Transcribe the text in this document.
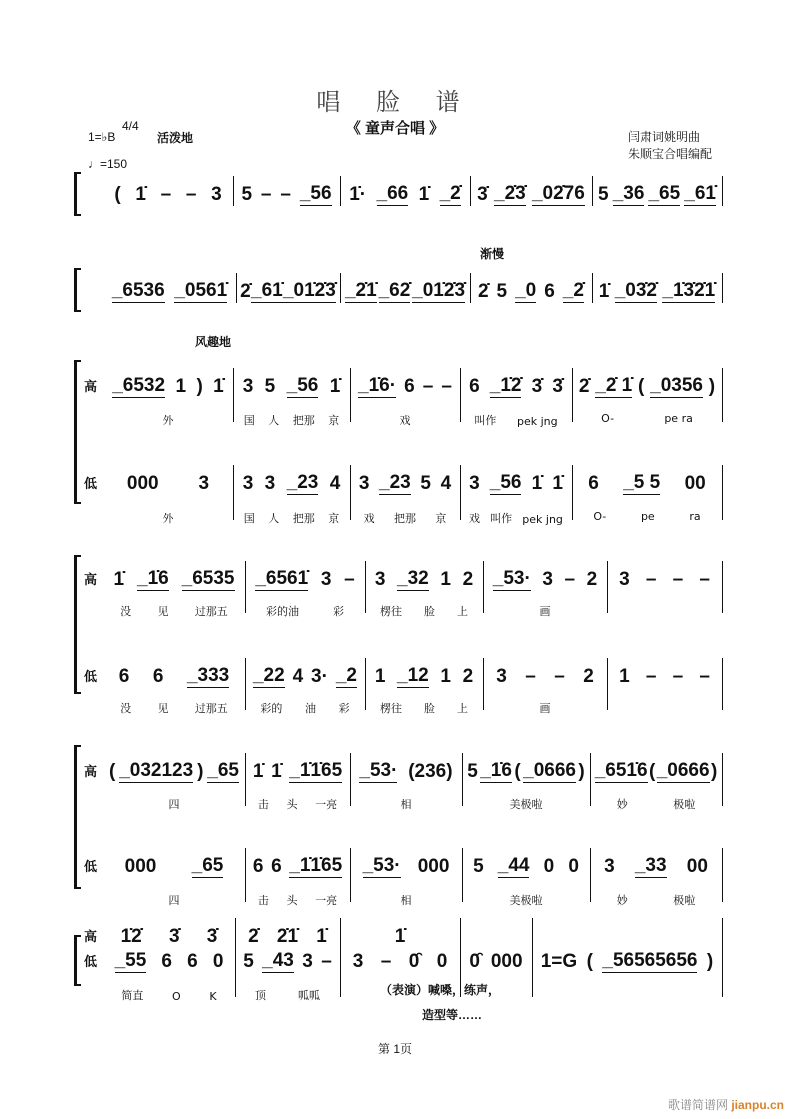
唱 脸 谱
《 童声合唱 》
1=♭B
4/4
♩=150
活泼地	闫肃词姚明曲
朱顺宝合唱编配
( 1̇ – – 3 5 – – _56 1̇· _66 1̇ _2̇ 3̇ _2̇3̇ _02̇76 5 _36 _65 _61̇
渐慢
_6536 _0561̇ 2̇ _61̇ _01̇2̇3̇ _2̇1̇ _62̇ _01̇2̇3̇ 2̇ 5 _0 6 _2̇ 1̇ _03̇2̇ _1̇3̇2̇1̇
风趣地
高 _6532 1 ) 1̇
外
3 5 _56 1̇
国 人 把那 京
_1̇6· 6 – –
戏
6 _1̇2̇ 3̇ 3̇
叫作 pek jng
2̇ _2̇ 1̇ ( _0356 )
O-	pe ra
低 000 3
外
3 3 _23 4
国 人 把那 京
3 _23 5 4
戏 把那 京
3 _56 1̇ 1̇
戏 叫作 pek jng
6 _5 5 00
O-	pe	ra
高 1̇ _1̇6 _6535
没 见 过那五
_6561̇ 3 –
彩的油	彩
3 _32 1 2
楞往 脸 上
_53· 3 – 2
画
3 – – –
低 6 6 _333
没 见 过那五
_22 4 3· _2
彩的 油 彩
1 _12 1 2
楞往 脸 上
3 – – 2
画
1 – – –
高 ( _032123 ) _65
四
1̇ 1̇ _1̇1̇65
击 头 一亮
_53· (236)
相
5 _1̇6 ( _0666 )
美极啦
_651̇6 ( _0666 )
妙	极啦
低 000 _65
四
6 6 _1̇1̇65
击 头 一亮
_53· 000
相
5 _44 0 0
美极啦
3 _33 00
妙	极啦
高 1̇2̇ 3̇ 3̇ 2̇ 2̇1̇ 1̇	1̇
低 _55 6 6 0
简直	O	K
5 _43 3 –
顶	呱呱
3 – 0̑ 0 0̑ 000 1=G ( _56565656 )
（表演）喊嗓，练声，
造型等……
第 1页
歌谱简谱网 jianpu.cn
